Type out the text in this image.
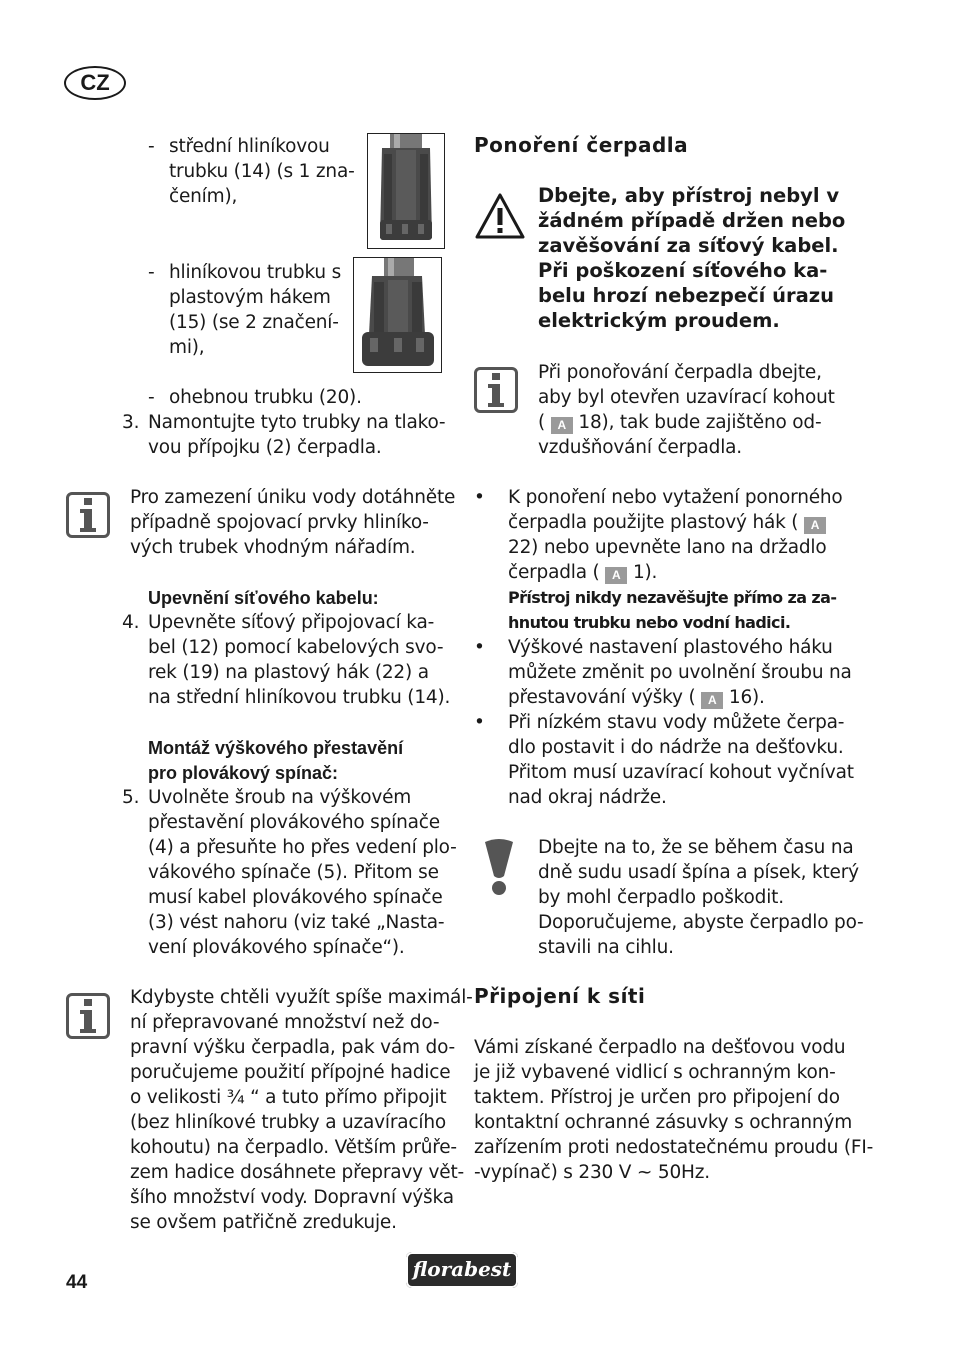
CZ
- střední hliníkovou
trubku (14) (s 1 zna-
čením),
- hliníkovou trubku s
plastovým hákem
(15) (se 2 značení-
mi),
- ohebnou trubku (20).
3. Namontujte tyto trubky na tlako-
vou přípojku (2) čerpadla.
Pro zamezení úniku vody dotáhněte
případně spojovací prvky hliníko-
vých trubek vhodným nářadím.
Upevnění síťového kabelu:
4. Upevněte síťový připojovací ka-
bel (12) pomocí kabelových svo-
rek (19) na plastový hák (22) a
na střední hliníkovou trubku (14).
Montáž výškového přestavění
pro plovákový spínač:
5. Uvolněte šroub na výškovém
přestavění plovákového spínače
(4) a přesuňte ho přes vedení plo-
vákového spínače (5). Přitom se
musí kabel plovákového spínače
(3) vést nahoru (viz také „Nasta-
vení plovákového spínače“).
Kdybyste chtěli využít spíše maximál-
ní přepravované množství než do-
pravní výšku čerpadla, pak vám do-
poručujeme použití přípojné hadice
o velikosti ¾ “ a tuto přímo připojit
(bez hliníkové trubky a uzavíracího
kohoutu) na čerpadlo. Větším průře-
zem hadice dosáhnete přepravy vět-
šího množství vody. Dopravní výška
se ovšem patřičně zredukuje.
Ponoření čerpadla
Dbejte, aby přístroj nebyl v
žádném případě držen nebo
zavěšování za síťový kabel.
Při poškození síťového ka-
belu hrozí nebezpečí úrazu
elektrickým proudem.
Při ponořování čerpadla dbejte,
aby byl otevřen uzavírací kohout
( A 18), tak bude zajištěno od-
vzdušňování čerpadla.
•	K ponoření nebo vytažení ponorného
čerpadla použijte plastový hák ( A
22) nebo upevněte lano na držadlo
čerpadla ( A 1).
Přístroj nikdy nezavěšujte přímo za za-
hnutou trubku nebo vodní hadici.
•	Výškové nastavení plastového háku
můžete změnit po uvolnění šroubu na
přestavování výšky ( A 16).
•	Při nízkém stavu vody můžete čerpa-
dlo postavit i do nádrže na dešťovku.
Přitom musí uzavírací kohout vyčnívat
nad okraj nádrže.
Dbejte na to, že se během času na
dně sudu usadí špína a písek, který
by mohl čerpadlo poškodit.
Doporučujeme, abyste čerpadlo po-
stavili na cihlu.
Připojení k síti
Vámi získané čerpadlo na dešťovou vodu
je již vybavené vidlicí s ochranným kon-
taktem. Přístroj je určen pro připojení do
kontaktní ochranné zásuvky s ochranným
zařízením proti nedostatečnému proudu (FI-
-vypínač) s 230 V ~ 50Hz.
44
florabest
